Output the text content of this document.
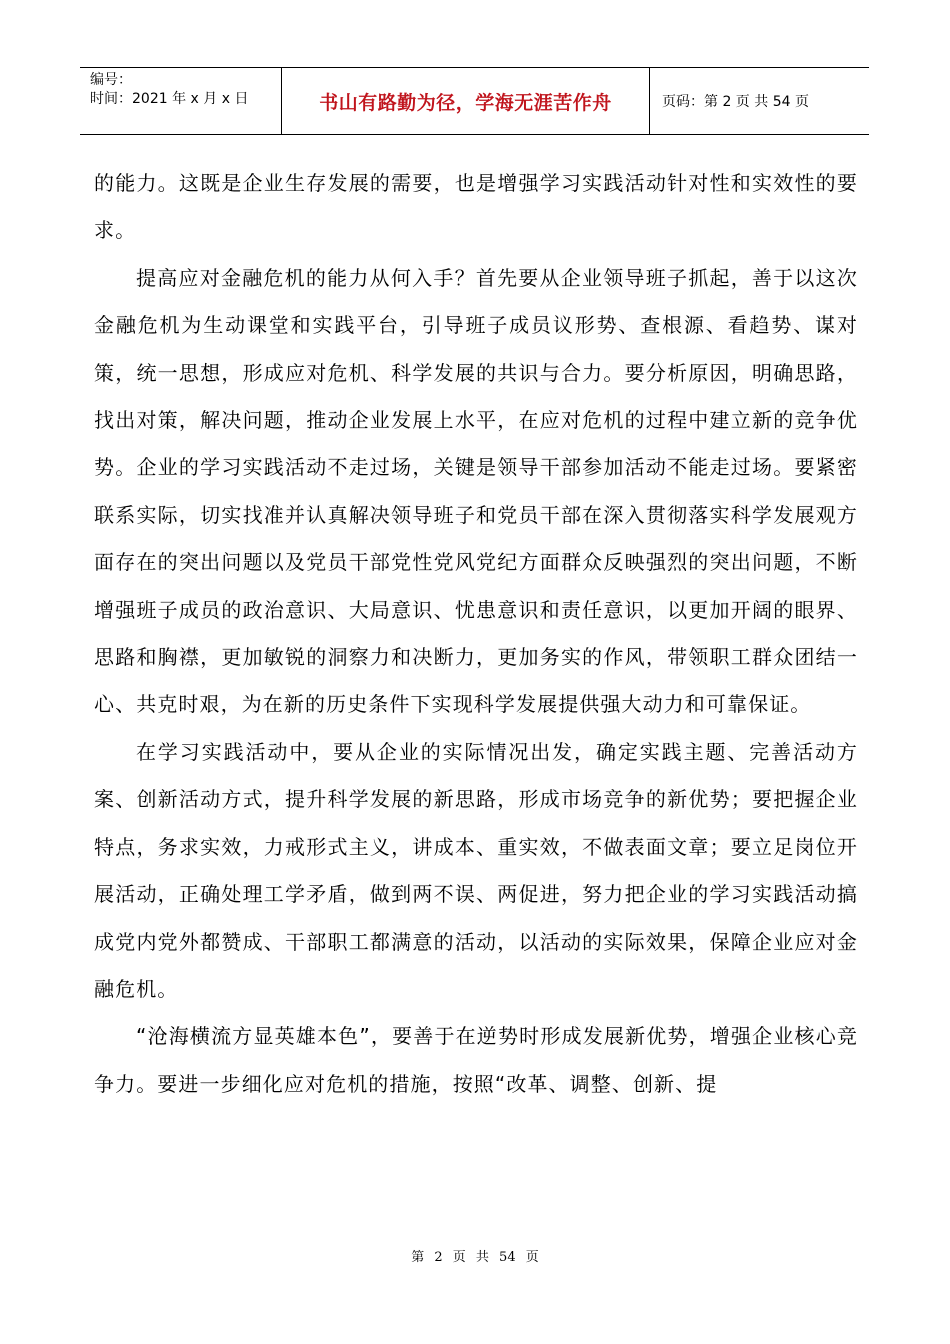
编号：
时间：2021 年 x 月 x 日	书山有路勤为径，学海无涯苦作舟	页码：第 2 页 共 54 页

的能力。这既是企业生存发展的需要，也是增强学习实践活动针对性和实效性的要求。

提高应对金融危机的能力从何入手？首先要从企业领导班子抓起，善于以这次金融危机为生动课堂和实践平台，引导班子成员议形势、查根源、看趋势、谋对策，统一思想，形成应对危机、科学发展的共识与合力。要分析原因，明确思路，找出对策，解决问题，推动企业发展上水平，在应对危机的过程中建立新的竞争优势。企业的学习实践活动不走过场，关键是领导干部参加活动不能走过场。要紧密联系实际，切实找准并认真解决领导班子和党员干部在深入贯彻落实科学发展观方面存在的突出问题以及党员干部党性党风党纪方面群众反映强烈的突出问题，不断增强班子成员的政治意识、大局意识、忧患意识和责任意识，以更加开阔的眼界、思路和胸襟，更加敏锐的洞察力和决断力，更加务实的作风，带领职工群众团结一心、共克时艰，为在新的历史条件下实现科学发展提供强大动力和可靠保证。

在学习实践活动中，要从企业的实际情况出发，确定实践主题、完善活动方案、创新活动方式，提升科学发展的新思路，形成市场竞争的新优势；要把握企业特点，务求实效，力戒形式主义，讲成本、重实效，不做表面文章；要立足岗位开展活动，正确处理工学矛盾，做到两不误、两促进，努力把企业的学习实践活动搞成党内党外都赞成、干部职工都满意的活动，以活动的实际效果，保障企业应对金融危机。

“沧海横流方显英雄本色”，要善于在逆势时形成发展新优势，增强企业核心竞争力。要进一步细化应对危机的措施，按照“改革、调整、创新、提

第 2 页 共 54 页
